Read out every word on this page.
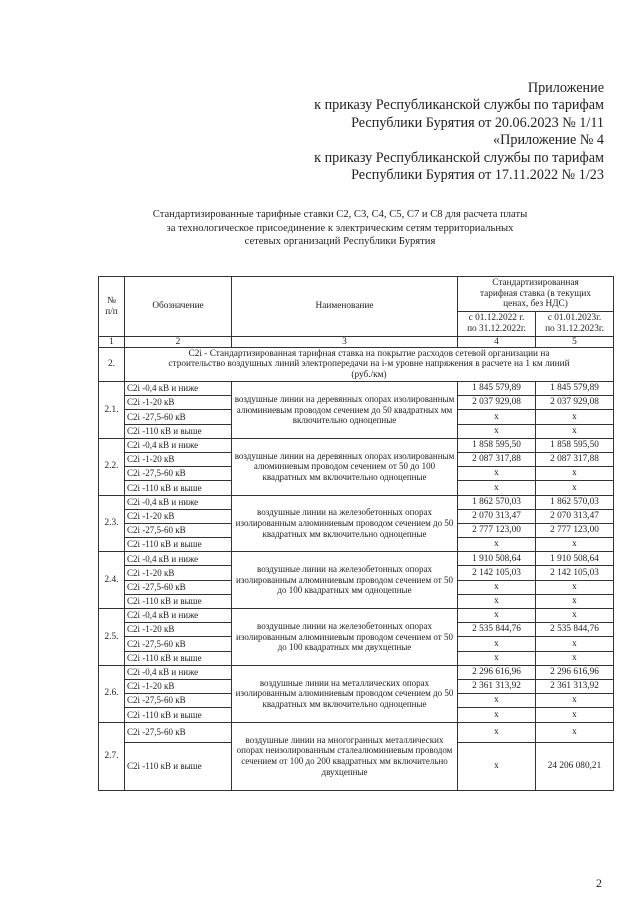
Приложение
к приказу Республиканской службы по тарифам
Республики Бурятия от 20.06.2023 № 1/11
«Приложение № 4
к приказу Республиканской службы по тарифам
Республики Бурятия от 17.11.2022 № 1/23
Стандартизированные тарифные ставки С2, С3, С4, С5, С7 и С8 для расчета платы
за технологическое присоединение к электрическим сетям территориальных
сетевых организаций Республики Бурятия
№
п/п	Обозначение	Наименование	Стандартизированная
тарифная ставка (в текущих
ценах, без НДС)	
			с 01.12.2022 г.
по 31.12.2022г.	с 01.01.2023г.
по 31.12.2023г.
1	2	3	4	5
2.	C2i - Стандартизированная тарифная ставка на покрытие расходов сетевой организации на
строительство воздушных линий электропередачи на i-м уровне напряжения в расчете на 1 км линий
(руб./км)			
2.1.	C2i -0,4 кВ и ниже	воздушные линии на деревянных опорах изолированным алюминиевым проводом сечением до 50 квадратных мм включительно одноцепные	1 845 579,89	1 845 579,89
	C2i -1-20 кВ		2 037 929,08	2 037 929,08
	C2i -27,5-60 кВ		x	x
	C2i -110 кВ и выше		x	x
2.2.	C2i -0,4 кВ и ниже	воздушные линии на деревянных опорах изолированным алюминиевым проводом сечением от 50 до 100 квадратных мм включительно одноцепные	1 858 595,50	1 858 595,50
	C2i -1-20 кВ		2 087 317,88	2 087 317,88
	C2i -27,5-60 кВ		x	x
	C2i -110 кВ и выше		x	x
2.3.	C2i -0,4 кВ и ниже	воздушные линии на железобетонных опорах изолированным алюминиевым проводом сечением до 50 квадратных мм включительно одноцепные	1 862 570,03	1 862 570,03
	C2i -1-20 кВ		2 070 313,47	2 070 313,47
	C2i -27,5-60 кВ		2 777 123,00	2 777 123,00
	C2i -110 кВ и выше		x	x
2.4.	C2i -0,4 кВ и ниже	воздушные линии на железобетонных опорах изолированным алюминиевым проводом сечением от 50 до 100 квадратных мм одноцепные	1 910 508,64	1 910 508,64
	C2i -1-20 кВ		2 142 105,03	2 142 105,03
	C2i -27,5-60 кВ		x	x
	C2i -110 кВ и выше		x	x
2.5.	C2i -0,4 кВ и ниже	воздушные линии на железобетонных опорах изолированным алюминиевым проводом сечением от 50 до 100 квадратных мм двухцепные	x	x
	C2i -1-20 кВ		2 535 844,76	2 535 844,76
	C2i -27,5-60 кВ		x	x
	C2i -110 кВ и выше		x	x
2.6.	C2i -0,4 кВ и ниже	воздушные линии на металлических опорах изолированным алюминиевым проводом сечением до 50 квадратных мм включительно одноцепные	2 296 616,96	2 296 616,96
	C2i -1-20 кВ		2 361 313,92	2 361 313,92
	C2i -27,5-60 кВ		x	x
	C2i -110 кВ и выше		x	x
2.7.	C2i -27,5-60 кВ	воздушные линии на многогранных металлических опорах неизолированным сталеалюминиевым проводом сечением от 100 до 200 квадратных мм включительно двухцепные	x	x
	C2i -110 кВ и выше		x	24 206 080,21
2
